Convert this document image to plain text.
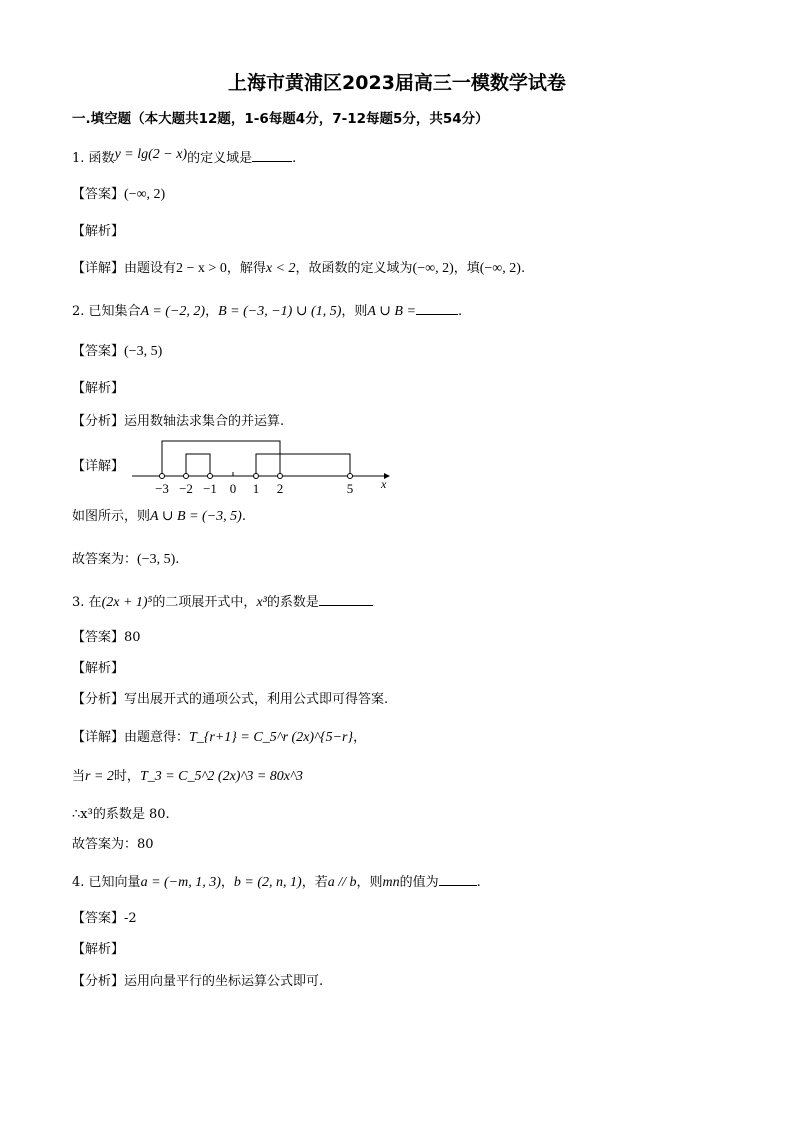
上海市黄浦区2023届高三一模数学试卷
一.填空题（本大题共12题，1-6每题4分，7-12每题5分，共54分）
1. 函数y = lg(2 − x)的定义域是	.
【答案】(−∞, 2)
【解析】
【详解】由题设有2 − x > 0，解得x < 2，故函数的定义域为(−∞, 2)，填(−∞, 2).
2. 已知集合A = (−2, 2)，B = (−3, −1) ∪ (1, 5)，则A ∪ B =	.
【答案】(−3, 5)
【解析】
【分析】运用数轴法求集合的并运算.
【详解】
−3 −2 −1 0 1 2	5 x
如图所示，则A ∪ B = (−3, 5).
故答案为：(−3, 5).
3. 在(2x + 1)⁵的二项展开式中，x³的系数是
【答案】80
【解析】
【分析】写出展开式的通项公式，利用公式即可得答案.
【详解】由题意得：T_{r+1} = C_5^r (2x)^{5−r}，
当r = 2时，T_3 = C_5^2 (2x)^3 = 80x^3
∴x³的系数是 80.
故答案为：80
4. 已知向量a = (−m, 1, 3)，b = (2, n, 1)，若a // b，则mn的值为	.
【答案】-2
【解析】
【分析】运用向量平行的坐标运算公式即可.
